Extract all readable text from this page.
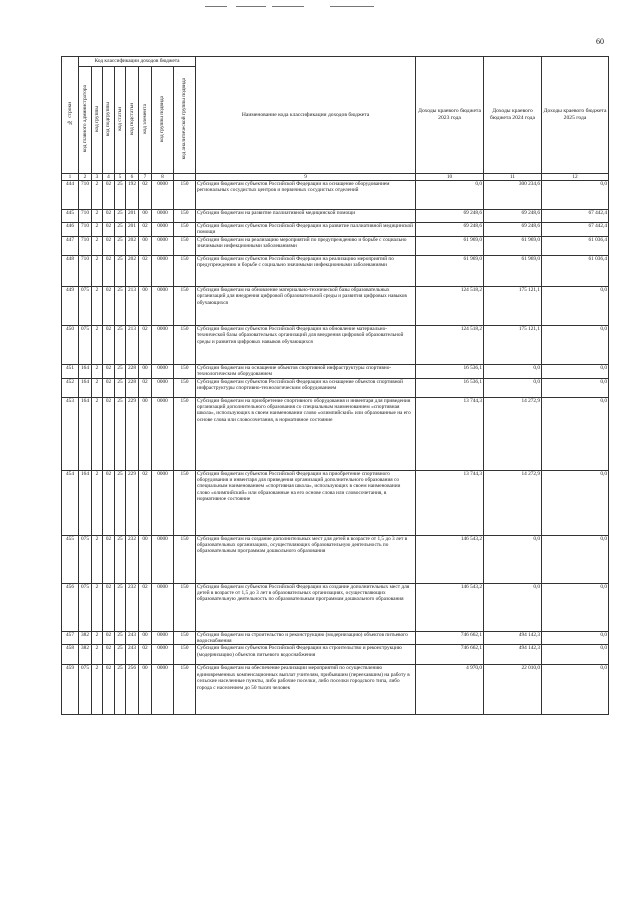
60
№ строки	Код классификации доходов бюджета								Наименование кода классификации доходов бюджета	Доходы краевого бюджета 2023 года	Доходы краевого бюджета 2024 года	Доходы краевого бюджета 2025 года
	код главного администратора	код группы	код подгруппы	код статьи	код подстатьи	код элемента	код группы подвида	код аналитической группы подвида				
1	2	3	4	5	6	7	8		9	10	11	12
444	710	2	02	25	192	02	0000	150	Субсидии бюджетам субъектов Российской Федерации на оснащение оборудованием региональных сосудистых центров и первичных сосудистых отделений	0,0	300 234,6	0,0
445	710	2	02	25	201	00	0000	150	Субсидии бюджетам на развитие паллиативной медицинской помощи	69 248,6	69 248,6	67 442,4
446	710	2	02	25	201	02	0000	150	Субсидии бюджетам субъектов Российской Федерации на развитие паллиативной медицинской помощи	69 248,6	69 248,6	67 442,4
447	710	2	02	25	202	00	0000	150	Субсидии бюджетам на реализацию мероприятий по предупреждению и борьбе с социально значимыми инфекционными заболеваниями	61 969,0	61 969,0	61 036,4
448	710	2	02	25	202	02	0000	150	Субсидии бюджетам субъектов Российской Федерации на реализацию мероприятий по предупреждению и борьбе с социально значимыми инфекционными заболеваниями	61 969,0	61 969,0	61 036,4
449	075	2	02	25	213	00	0000	150	Субсидии бюджетам на обновление материально-технической базы образовательных организаций для внедрения цифровой образовательной среды и развития цифровых навыков обучающихся	124 518,2	175 121,1	0,0
450	075	2	02	25	213	02	0000	150	Субсидии бюджетам субъектов Российской Федерации на обновление материально-технической базы образовательных организаций для внедрения цифровой образовательной среды и развития цифровых навыков обучающихся	124 518,2	175 121,1	0,0
451	164	2	02	25	228	00	0000	150	Субсидии бюджетам на оснащение объектов спортивной инфраструктуры спортивно-технологическим оборудованием	16 536,1	0,0	0,0
452	164	2	02	25	228	02	0000	150	Субсидии бюджетам субъектов Российской Федерации на оснащение объектов спортивной инфраструктуры спортивно-технологическим оборудованием	16 536,1	0,0	0,0
453	164	2	02	25	229	00	0000	150	Субсидии бюджетам на приобретение спортивного оборудования и инвентаря для приведения организаций дополнительного образования со специальным наименованием «спортивная школа», использующих в своем наименовании слово «олимпийский» или образованные на его основе слова или словосочетания, в нормативное состояние	13 744,3	14 272,9	0,0
454	164	2	02	25	229	02	0000	150	Субсидии бюджетам субъектов Российской Федерации на приобретение спортивного оборудования и инвентаря для приведения организаций дополнительного образования со специальным наименованием «спортивная школа», использующих в своем наименовании слово «олимпийский» или образованные на его основе слова или словосочетания, в нормативное состояние	13 744,3	14 272,9	0,0
455	075	2	02	25	232	00	0000	150	Субсидии бюджетам на создание дополнительных мест для детей в возрасте от 1,5 до 3 лет в образовательных организациях, осуществляющих образовательную деятельность по образовательным программам дошкольного образования	146 543,2	0,0	0,0
456	075	2	02	25	232	02	0000	150	Субсидии бюджетам субъектов Российской Федерации на создание дополнительных мест для детей в возрасте от 1,5 до 3 лет в образовательных организациях, осуществляющих образовательную деятельность по образовательным программам дошкольного образования	146 543,2	0,0	0,0
457	382	2	02	25	243	00	0000	150	Субсидии бюджетам на строительство и реконструкцию (модернизацию) объектов питьевого водоснабжения	746 662,1	494 142,3	0,0
458	382	2	02	25	243	02	0000	150	Субсидии бюджетам субъектов Российской Федерации на строительство и реконструкцию (модернизацию) объектов питьевого водоснабжения	746 662,1	494 142,3	0,0
459	075	2	02	25	256	00	0000	150	Субсидии бюджетам на обеспечение реализации мероприятий по осуществлению единовременных компенсационных выплат учителям, прибывшим (переехавшим) на работу в сельские населенные пункты, либо рабочие поселки, либо поселки городского типа, либо города с населением до 50 тысяч человек	4 970,0	22 010,0	0,0
